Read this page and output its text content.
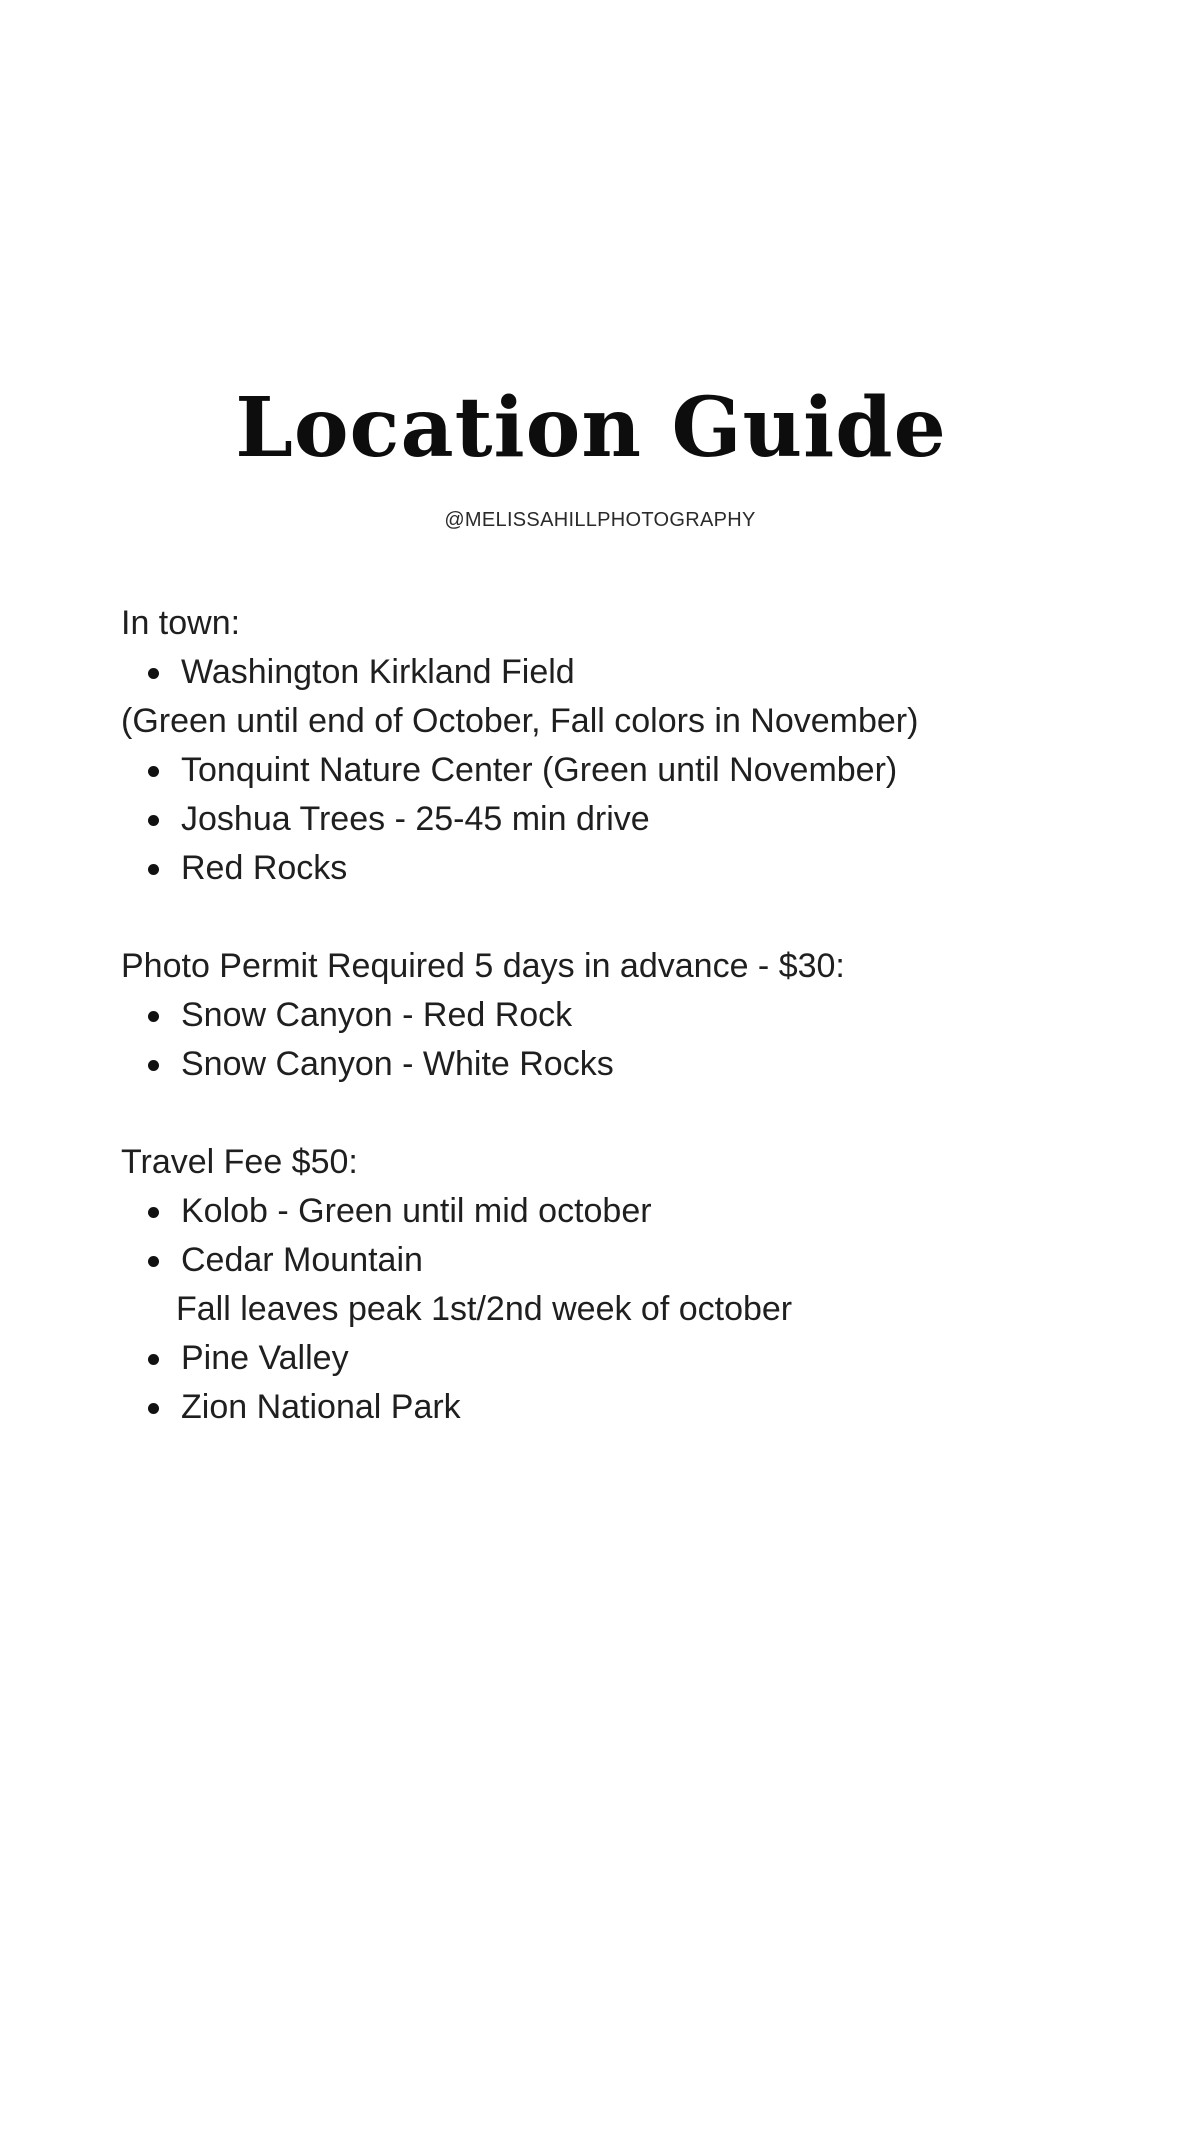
Location Guide
@MELISSAHILLPHOTOGRAPHY

In town:

Washington Kirkland Field

(Green until end of October, Fall colors in November)

Tonquint Nature Center (Green until November)

Joshua Trees - 25-45 min drive

Red Rocks

Photo Permit Required 5 days in advance - $30:

Snow Canyon - Red Rock

Snow Canyon - White Rocks

Travel Fee $50:

Kolob - Green until mid october

Cedar Mountain

Fall leaves peak 1st/2nd week of october

Pine Valley

Zion National Park
